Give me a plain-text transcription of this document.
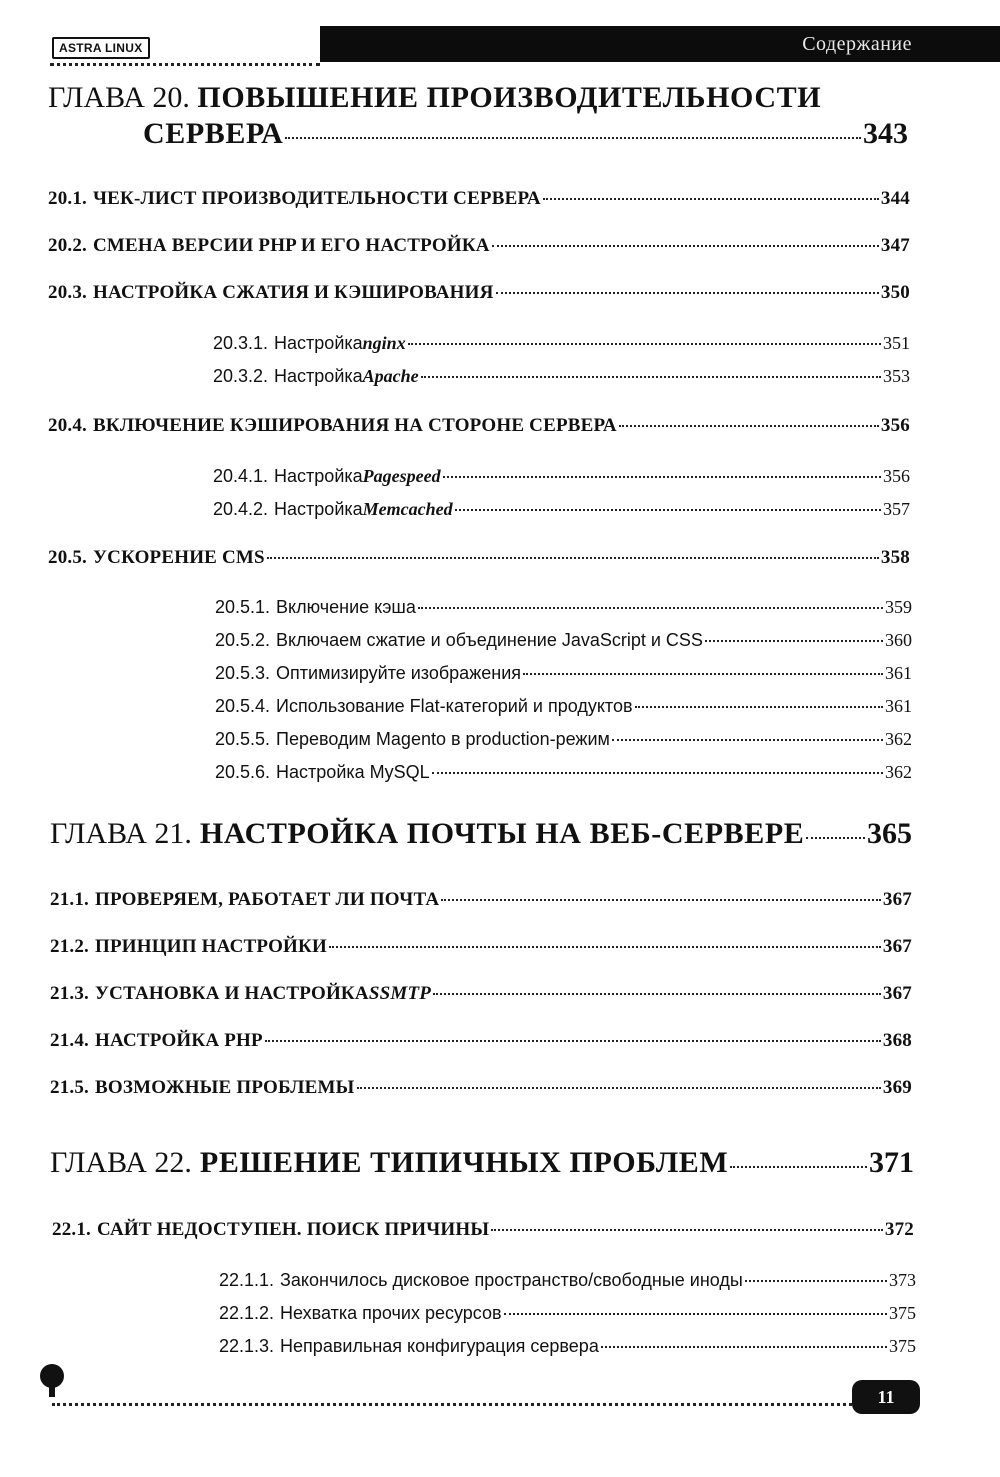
ASTRA LINUX	Содержание
ГЛАВА 20. ПОВЫШЕНИЕ ПРОИЗВОДИТЕЛЬНОСТИ
СЕРВЕРА	343
20.1. ЧЕК-ЛИСТ ПРОИЗВОДИТЕЛЬНОСТИ СЕРВЕРА	344
20.2. СМЕНА ВЕРСИИ PHP И ЕГО НАСТРОЙКА	347
20.3. НАСТРОЙКА СЖАТИЯ И КЭШИРОВАНИЯ	350
20.3.1. Настройка nginx	351
20.3.2. Настройка Apache	353
20.4. ВКЛЮЧЕНИЕ КЭШИРОВАНИЯ НА СТОРОНЕ СЕРВЕРА	356
20.4.1. Настройка Pagespeed	356
20.4.2. Настройка Memcached	357
20.5. УСКОРЕНИЕ CMS	358
20.5.1. Включение кэша	359
20.5.2. Включаем сжатие и объединение JavaScript и CSS	360
20.5.3. Оптимизируйте изображения	361
20.5.4. Использование Flat-категорий и продуктов	361
20.5.5. Переводим Magento в production-режим	362
20.5.6. Настройка MySQL	362
ГЛАВА 21. НАСТРОЙКА ПОЧТЫ НА ВЕБ-СЕРВЕРЕ 365
21.1. ПРОВЕРЯЕМ, РАБОТАЕТ ЛИ ПОЧТА	367
21.2. ПРИНЦИП НАСТРОЙКИ	367
21.3. УСТАНОВКА И НАСТРОЙКА SSMTP	367
21.4. НАСТРОЙКА PHP	368
21.5. ВОЗМОЖНЫЕ ПРОБЛЕМЫ	369
ГЛАВА 22. РЕШЕНИЕ ТИПИЧНЫХ ПРОБЛЕМ	371
22.1. САЙТ НЕДОСТУПЕН. ПОИСК ПРИЧИНЫ	372
22.1.1. Закончилось дисковое пространство/свободные иноды	373
22.1.2. Нехватка прочих ресурсов	375
22.1.3. Неправильная конфигурация сервера	375
11
